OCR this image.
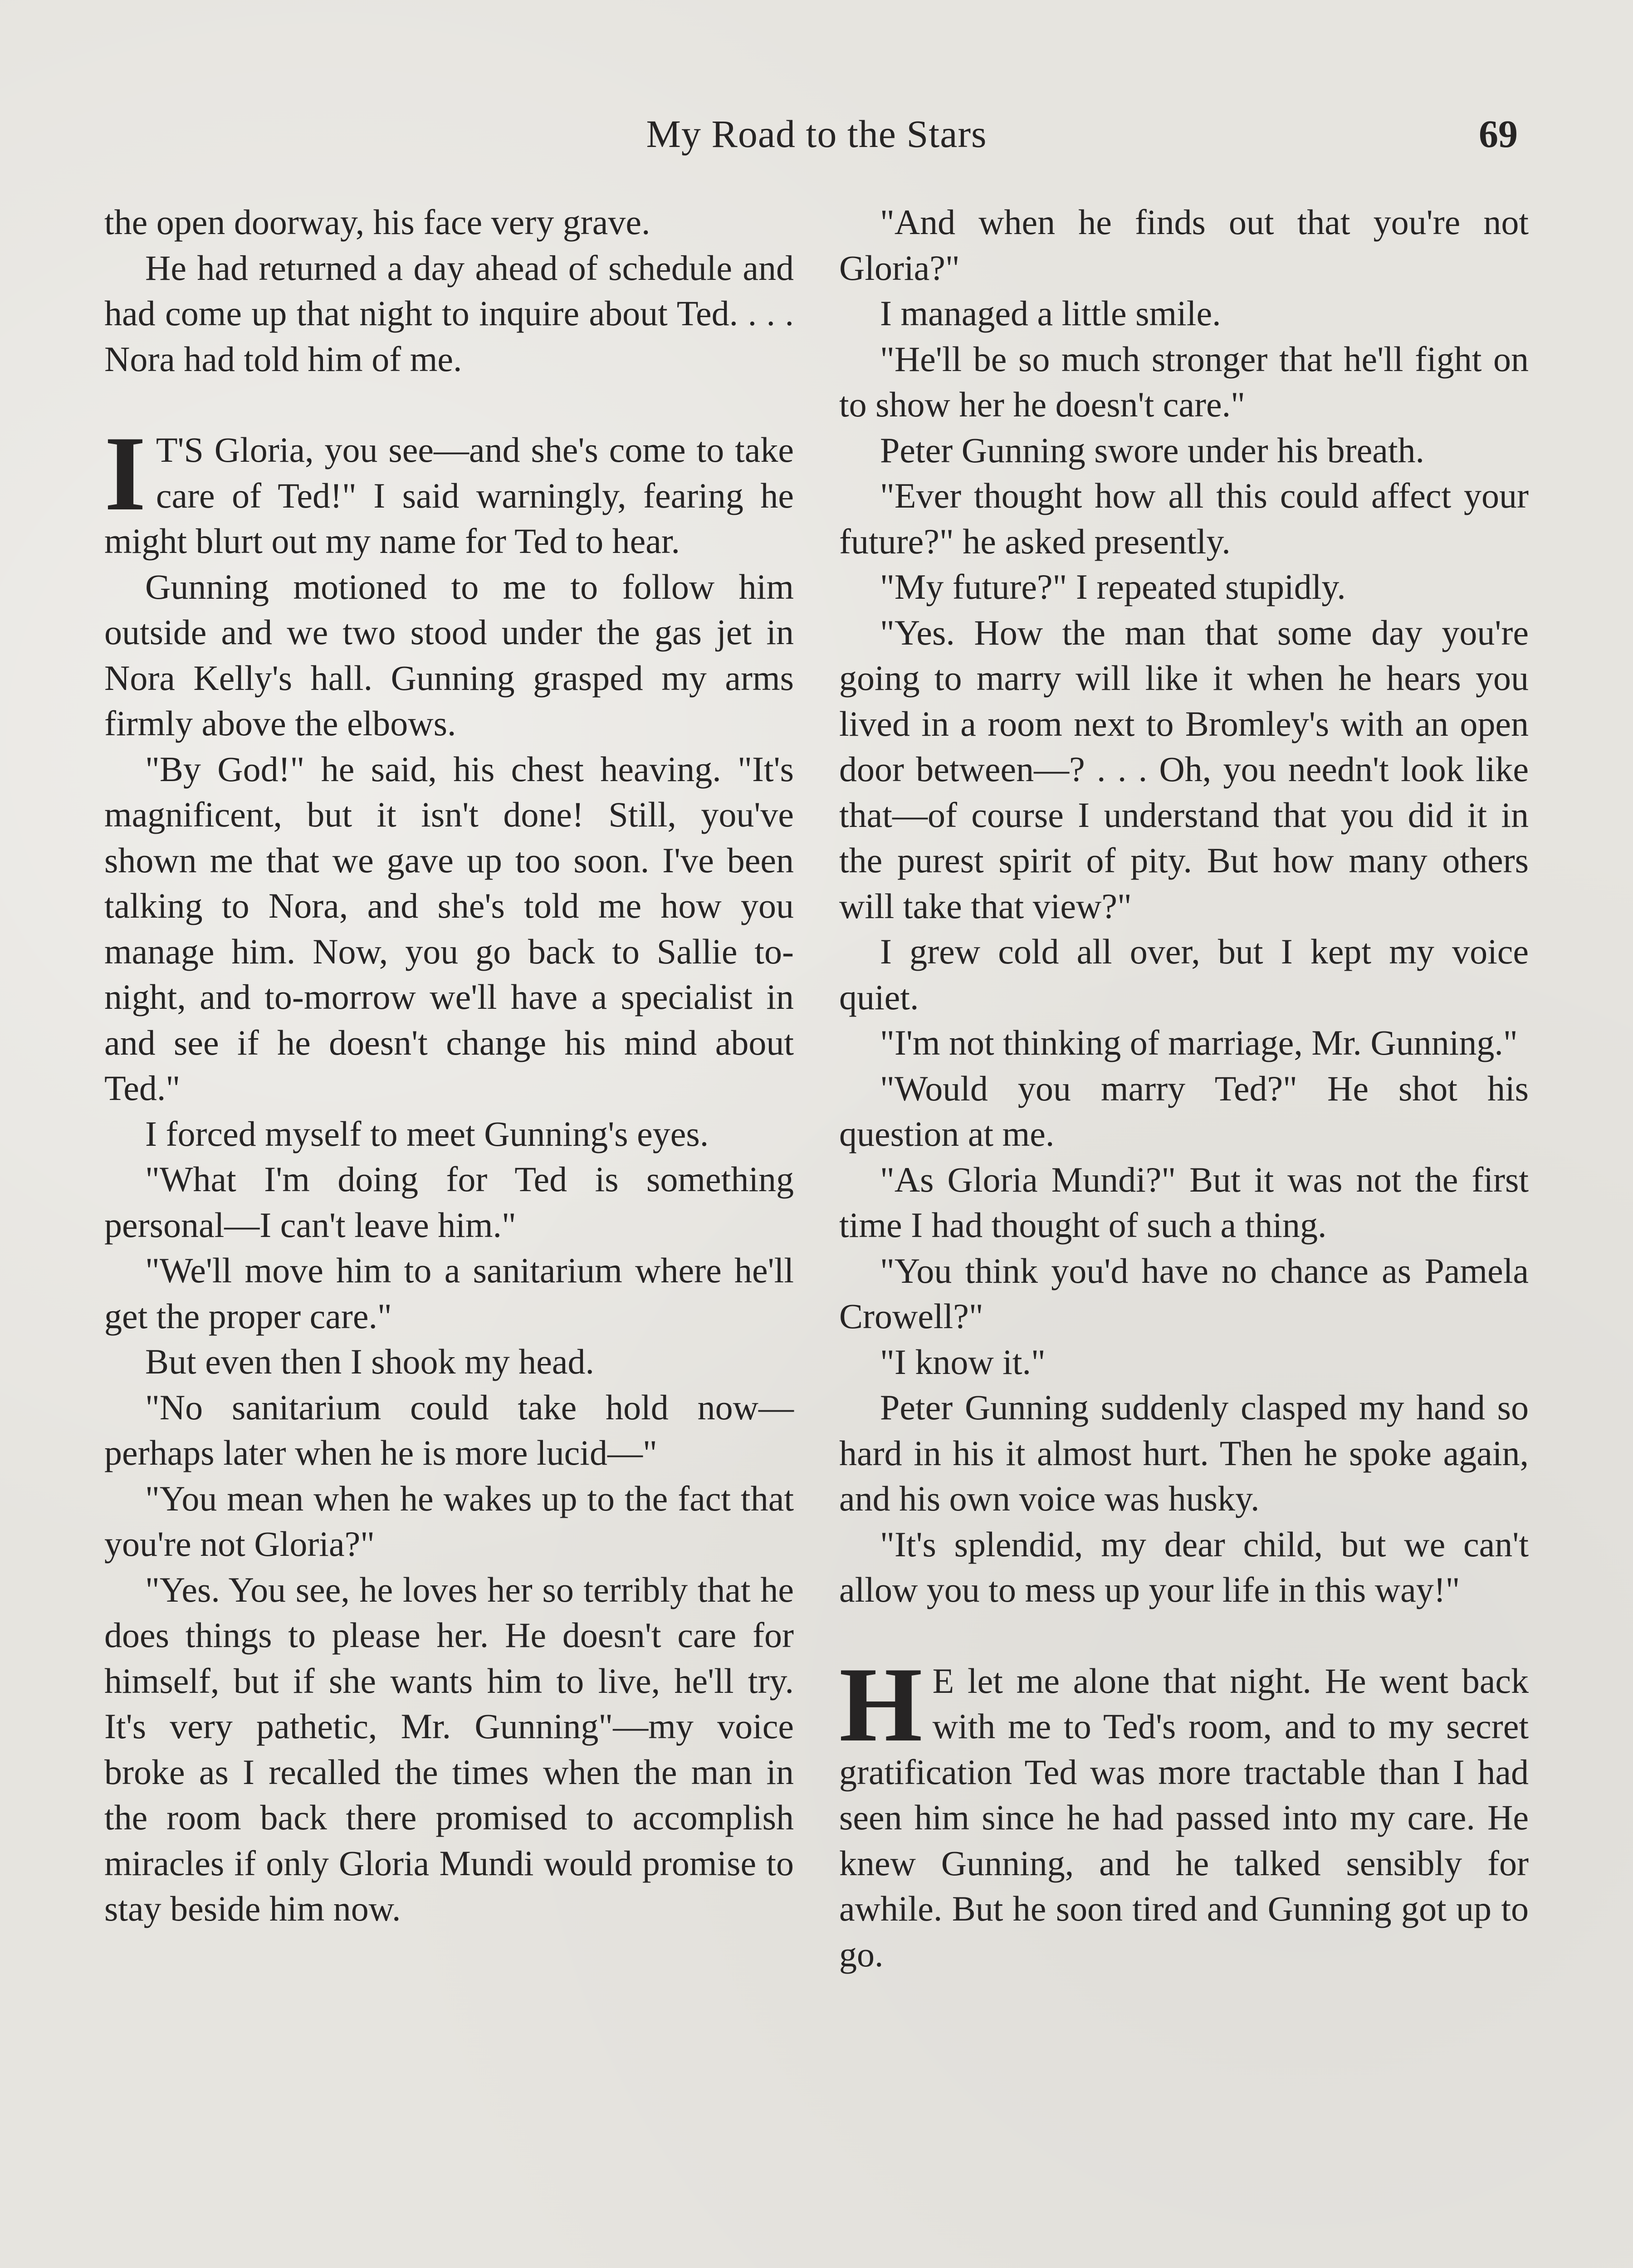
My Road to the Stars	69

the open doorway, his face very grave.

He had returned a day ahead of schedule and had come up that night to inquire about Ted. . . . Nora had told him of me.

I T'S Gloria, you see—and she's come to take care of Ted!" I said warningly, fearing he might blurt out my name for Ted to hear.

Gunning motioned to me to follow him outside and we two stood under the gas jet in Nora Kelly's hall. Gunning grasped my arms firmly above the elbows.

"By God!" he said, his chest heaving. "It's magnificent, but it isn't done! Still, you've shown me that we gave up too soon. I've been talking to Nora, and she's told me how you manage him. Now, you go back to Sallie to-night, and to-morrow we'll have a specialist in and see if he doesn't change his mind about Ted."

I forced myself to meet Gunning's eyes.

"What I'm doing for Ted is something personal—I can't leave him."

"We'll move him to a sanitarium where he'll get the proper care."

But even then I shook my head.

"No sanitarium could take hold now—perhaps later when he is more lucid—"

"You mean when he wakes up to the fact that you're not Gloria?"

"Yes. You see, he loves her so terribly that he does things to please her. He doesn't care for himself, but if she wants him to live, he'll try. It's very pathetic, Mr. Gunning"—my voice broke as I recalled the times when the man in the room back there promised to accomplish miracles if only Gloria Mundi would promise to stay beside him now.

"And when he finds out that you're not Gloria?"

I managed a little smile.

"He'll be so much stronger that he'll fight on to show her he doesn't care."

Peter Gunning swore under his breath.

"Ever thought how all this could affect your future?" he asked presently.

"My future?" I repeated stupidly.

"Yes. How the man that some day you're going to marry will like it when he hears you lived in a room next to Bromley's with an open door between—? . . . Oh, you needn't look like that—of course I understand that you did it in the purest spirit of pity. But how many others will take that view?"

I grew cold all over, but I kept my voice quiet.

"I'm not thinking of marriage, Mr. Gunning."

"Would you marry Ted?" He shot his question at me.

"As Gloria Mundi?" But it was not the first time I had thought of such a thing.

"You think you'd have no chance as Pamela Crowell?"

"I know it."

Peter Gunning suddenly clasped my hand so hard in his it almost hurt. Then he spoke again, and his own voice was husky.

"It's splendid, my dear child, but we can't allow you to mess up your life in this way!"

H E let me alone that night. He went back with me to Ted's room, and to my secret gratification Ted was more tractable than I had seen him since he had passed into my care. He knew Gunning, and he talked sensibly for awhile. But he soon tired and Gunning got up to go.
